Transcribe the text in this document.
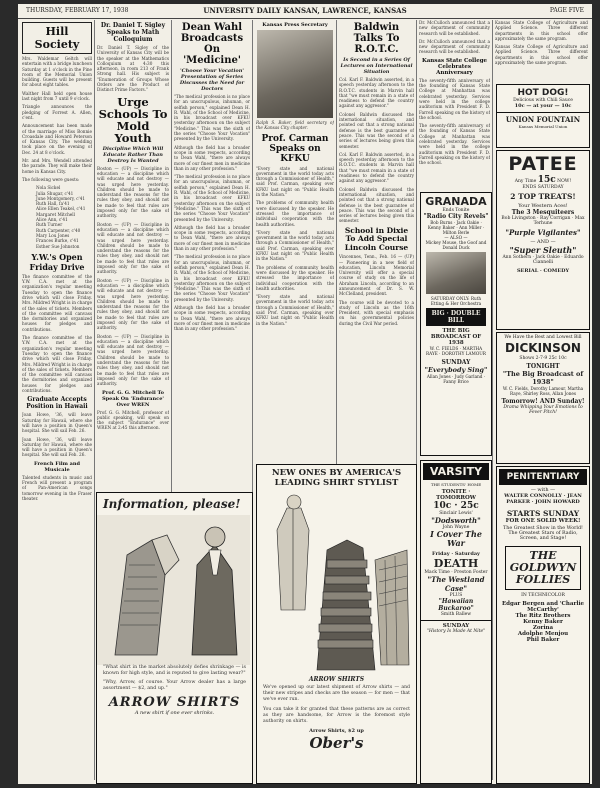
THURSDAY, FEBRUARY 17, 1938	UNIVERSITY DAILY KANSAN, LAWRENCE, KANSAS	PAGE FIVE
Hill Society

Mrs. Waldemar Geltch will entertain with a bridge luncheon Saturday at 1 o'clock in the Pine room of the Memorial Union building. Guests will be present for about eight tables.

Walther Hall held open house last night from 7 until 9 o'clock.

Triangle announces the pledging of Forrest A. Allen, c'ent.

Announcement has been made of the marriage of Miss Bonnie Croasdale and Howard Peterson of Kansas City. The wedding took place on the evening of Dec. 24 at 8 o'clock.

Mr. and Mrs. Wendell attended the parade. They will make their home in Kansas City.

The following were guests:

Nola Sickel
Julia Shugar, c'41
June Montgomery, c'41
Ruth Hall, fa'41
Alice Ellen Teakel, c'41
Margaret Mitchell
Alice Ann, c'41
Ruth Turner
Ruth Carpenter, c'40
Mary Lou Jones
Frances Burke, c'41
Esther Sue Johnston
Y.W.'s Open Friday Drive

The finance committee of the Y.W. C.A. met at the organization's regular meeting Tuesday to open the finance drive which will close Friday. Mrs. Mildred Wright is in charge of the sales of tickets. Members of the committee will canvass the dormitories and organized houses for pledges and contributions.

The finance committee of the Y.W. C.A. met at the organization's regular meeting Tuesday to open the finance drive which will close Friday. Mrs. Mildred Wright is in charge of the sales of tickets. Members of the committee will canvass the dormitories and organized houses for pledges and contributions.

Graduate Accepts Position in Hawaii

Joan Howe, '36, will leave Saturday for Hawaii, where she will have a position in Queen's hospital. She will sail Feb. 26.

Joan Howe, '36, will leave Saturday for Hawaii, where she will have a position in Queen's hospital. She will sail Feb. 26.

French Film and Musicale

Talented students in music and French will present a program of Pan-American songs tomorrow evening in the Fraser theater.

Dr. Daniel T. Sigley Speaks to Math Colloquium

Dr. Daniel T. Sigley of the University of Kansas City will be the speaker at the Mathematics Colloquium at 4:30 this afternoon, in room 213 of Frank Strong hall. His subject is "Enumeration of Groups Whose Orders are the Product of Distinct Prime Factors."

Urge Schools To Mold Youth
Discipline Which Will Educate Rather Than Destroy Is Wanted

Boston — (UP) — Discipline in education — a discipline which will educate and not destroy — was urged here yesterday. Children should be made to understand the reasons for the rules they obey, and should not be made to feel that rules are imposed only for the sake of authority.

Boston — (UP) — Discipline in education — a discipline which will educate and not destroy — was urged here yesterday. Children should be made to understand the reasons for the rules they obey, and should not be made to feel that rules are imposed only for the sake of authority.

Boston — (UP) — Discipline in education — a discipline which will educate and not destroy — was urged here yesterday. Children should be made to understand the reasons for the rules they obey, and should not be made to feel that rules are imposed only for the sake of authority.

Boston — (UP) — Discipline in education — a discipline which will educate and not destroy — was urged here yesterday. Children should be made to understand the reasons for the rules they obey, and should not be made to feel that rules are imposed only for the sake of authority.

Prof. G. G. Mitchell To Speak On 'Endurance' Over WREN

Prof. G. G. Mitchell, professor of public speaking, will speak on the subject "Endurance" over WREN at 2:45 this afternoon.

Dean Wahl Broadcasts On 'Medicine'
'Choose Your Vocation' Presentation of Series Discusses the Need for Doctors

"The medical profession is no place for an unscrupulous, inhuman, or selfish person," explained Dean H. R. Wahl, of the School of Medicine, in his broadcast over KFKU yesterday afternoon on the subject "Medicine." This was the sixth of the series "Choose Your Vocation" presented by the University.

Although the field has a broader scope in some respects, according to Dean Wahl, "there are always more of our finest men in medicine than in any other profession."

"The medical profession is no place for an unscrupulous, inhuman, or selfish person," explained Dean H. R. Wahl, of the School of Medicine, in his broadcast over KFKU yesterday afternoon on the subject "Medicine." This was the sixth of the series "Choose Your Vocation" presented by the University.

Although the field has a broader scope in some respects, according to Dean Wahl, "there are always more of our finest men in medicine than in any other profession."

"The medical profession is no place for an unscrupulous, inhuman, or selfish person," explained Dean H. R. Wahl, of the School of Medicine, in his broadcast over KFKU yesterday afternoon on the subject "Medicine." This was the sixth of the series "Choose Your Vocation" presented by the University.

Although the field has a broader scope in some respects, according to Dean Wahl, "there are always more of our finest men in medicine than in any other profession."

Kansas Press Secretary

Ralph S. Baker, field secretary of the Kansas City chapter.

Prof. Carman Speaks on KFKU

"Every state and national government in the world today acts through a Commissioner of Health," said Prof. Carman, speaking over KFKU last night on "Public Health in the Nation."

The problems of community health were discussed by the speaker. He stressed the importance of individual cooperation with the health authorities.

"Every state and national government in the world today acts through a Commissioner of Health," said Prof. Carman, speaking over KFKU last night on "Public Health in the Nation."

The problems of community health were discussed by the speaker. He stressed the importance of individual cooperation with the health authorities.

"Every state and national government in the world today acts through a Commissioner of Health," said Prof. Carman, speaking over KFKU last night on "Public Health in the Nation."

Baldwin Talks To R.O.T.C.
Is Second in a Series Of Lectures on International Situation

Col. Karl F. Baldwin asserted, in a speech yesterday afternoon to the R.O.T.C. students in Marvin hall that "we must remain in a state of readiness to defend the country against any aggressor."

Colonel Baldwin discussed the international situation, and pointed out that a strong national defense is the best guarantee of peace. This was the second of a series of lectures being given this semester.

Col. Karl F. Baldwin asserted, in a speech yesterday afternoon to the R.O.T.C. students in Marvin hall that "we must remain in a state of readiness to defend the country against any aggressor."

Colonel Baldwin discussed the international situation, and pointed out that a strong national defense is the best guarantee of peace. This was the second of a series of lectures being given this semester.

School in Dixie To Add Special Lincoln Course

Vincennes, Tenn., Feb. 16 — (UP) — Pioneering in a new field of education, Lincoln Memorial University will offer a special course of study on the life of Abraham Lincoln, according to an announcement of Dr. S. W. McClelland, president.

The course will be devoted to a study of Lincoln as the 16th President, with special emphasis on his governmental policies during the Civil War period.

Dr. McCulloch announced that a new department of community research will be established.

Dr. McCulloch announced that a new department of community research will be established.

Kansas State College Celebrates Anniversary

The seventy-fifth anniversary of the founding of Kansas State College at Manhattan was celebrated yesterday. Services were held in the college auditorium with President F. D. Farrell speaking on the history of the school.

The seventy-fifth anniversary of the founding of Kansas State College at Manhattan was celebrated yesterday. Services were held in the college auditorium with President F. D. Farrell speaking on the history of the school.

Kansas State College of Agriculture and Applied Science. Three different departments in this school offer approximately the same program.

Kansas State College of Agriculture and Applied Science. Three different departments in this school offer approximately the same program.

HOT DOG!
Delicious with Chili Sauce
10c — at your — 10c
UNION FOUNTAIN
Kansas Memorial Union
PATEE
Any Time 15c NOW!
ENDS SATURDAY
2 TOP TREATS!
Your Western Aces!
The 3 Mesquiteers
Bob Livingston · Ray Corrigan · Max Terhune
"Purple Vigilantes"
— AND —
"Super Sleuth"
Ann Sothern · Jack Oakie · Eduardo Ciannelli
SERIAL · COMEDY
We Have the Best and Lowest Bill
DICKINSON
Shows 2-7-9 25c 10c
TONIGHT
"The Big Broadcast of 1938"
W. C. Fields, Dorothy Lamour, Martha Raye, Shirley Ross, Allan Jones
Tomorrow! AND Sunday!
Drama Whipping Your Emotions to Fever Pitch!
PENITENTIARY
— with —
WALTER CONNOLLY · JEAN PARKER · JOHN HOWARD
STARTS SUNDAY
FOR ONE SOLID WEEK!
The Greatest Show in the World! The Greatest Stars of Radio, Screen, and Stage!
THE GOLDWYN FOLLIES
IN TECHNICOLOR
Edgar Bergen and 'Charlie McCarthy'
The Ritz Brothers
Kenny Baker
Zorina
Adolphe Menjou
Phil Baker
GRANADA
Ends Tonite
"Radio City Revels"
Bob Burns · Jack Oakie · Kenny Baker · Ann Miller · Milton Berle
— ALSO —
Mickey Mouse, the Goof and Donald Duck
SATURDAY ONLY: Ruth Etting & Her Orchestra
BIG · DOUBLE BILL
THE BIG BROADCAST OF 1938
W. C. FIELDS · MARTHA RAYE · DOROTHY LAMOUR
SUNDAY
"Everybody Sing"
Allan Jones · Judy Garland · Fanny Brice
VARSITY
THE STUDENTS' HOME
TONITE · TOMORROW
10c · 25c
Sinclair Lewis'
"Dodsworth"
John Wayne
I Cover The War
Friday · Saturday
DEATH
Mack Time · Preston Foster
"The Westland Case"
PLUS
"Hawaiian Buckaroo"
Smith Ballew
SUNDAY
"History Is Made At Nite"
Information, please!

"What shirt in the market absolutely defies shrinkage — is known for high style, and is reputed to give lasting wear?"

"Why, Arrow, of course. Your Arrow dealer has a large assortment — $2, and up."

ARROW SHIRTS
A new shirt if one ever shrinks.
NEW ONES BY AMERICA'S LEADING SHIRT STYLIST
ARROW SHIRTS

We've opened up our latest shipment of Arrow shirts — and their new stripes and checks are the season — for men — that we've ever run.

You can take it for granted that these patterns are as correct as they are handsome, for Arrow is the foremost style authority on shirts.

Arrow Shirts, $2 up
Ober's
